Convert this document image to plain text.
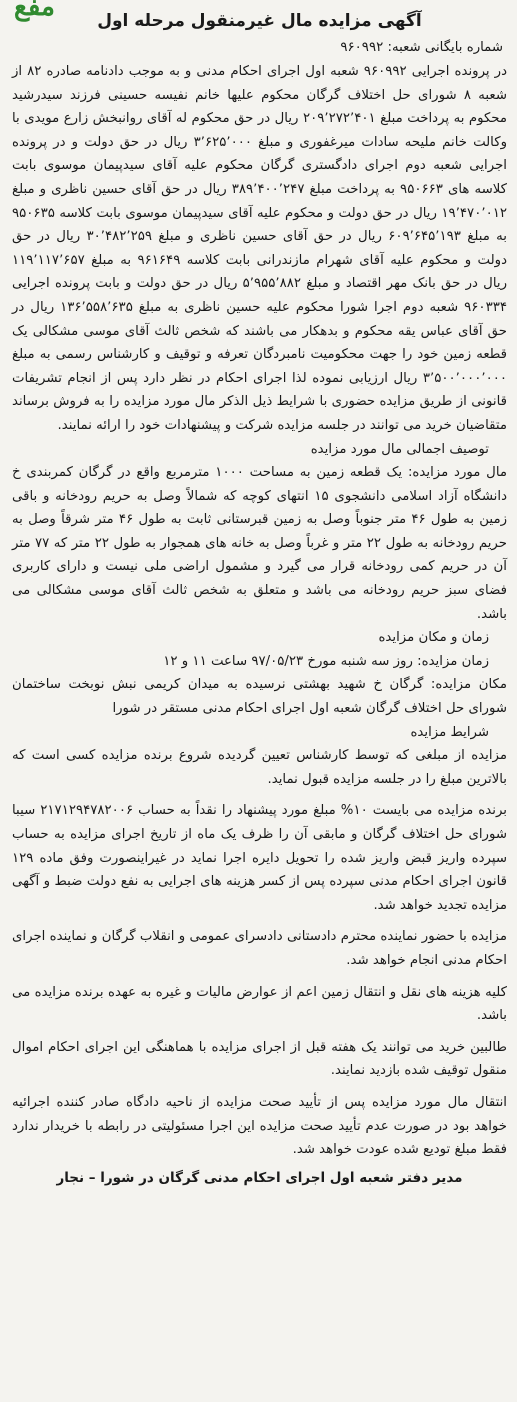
مفع	آگهی مزایده مال غیرمنقول مرحله اول
شماره بایگانی شعبه: ۹۶۰۹۹۲

در پرونده اجرایی ۹۶۰۹۹۲ شعبه اول اجرای احکام مدنی و به موجب دادنامه صادره ۸۲ از شعبه ۸ شورای حل اختلاف گرگان محکوم علیها خانم نفیسه حسینی فرزند سیدرشید محکوم به پرداخت مبلغ ۲۰۹٬۲۷۲٬۴۰۱ ریال در حق محکوم له آقای روانبخش زارع مویدی با وکالت خانم ملیحه سادات میرغفوری و مبلغ ۳٬۶۲۵٬۰۰۰ ریال در حق دولت و در پرونده اجرایی شعبه دوم اجرای دادگستری گرگان محکوم علیه آقای سیدپیمان موسوی بابت کلاسه های ۹۵۰۶۶۳ به پرداخت مبلغ ۳۸۹٬۴۰۰٬۲۴۷ ریال در حق آقای حسین ناظری و مبلغ ۱۹٬۴۷۰٬۰۱۲ ریال در حق دولت و محکوم علیه آقای سیدپیمان موسوی بابت کلاسه ۹۵۰۶۳۵ به مبلغ ۶۰۹٬۶۴۵٬۱۹۳ ریال در حق آقای حسین ناظری و مبلغ ۳۰٬۴۸۲٬۲۵۹ ریال در حق دولت و محکوم علیه آقای شهرام مازندرانی بابت کلاسه ۹۶۱۶۴۹ به مبلغ ۱۱۹٬۱۱۷٬۶۵۷ ریال در حق بانک مهر اقتصاد و مبلغ ۵٬۹۵۵٬۸۸۲ ریال در حق دولت و بابت پرونده اجرایی ۹۶۰۳۳۴ شعبه دوم اجرا شورا محکوم علیه حسین ناظری به مبلغ ۱۳۶٬۵۵۸٬۶۳۵ ریال در حق آقای عباس یقه محکوم و بدهکار می باشند که شخص ثالث آقای موسی مشکالی یک قطعه زمین خود را جهت محکومیت نامبردگان تعرفه و توقیف و کارشناس رسمی به مبلغ ۳٬۵۰۰٬۰۰۰٬۰۰۰ ریال ارزیابی نموده لذا اجرای احکام در نظر دارد پس از انجام تشریفات قانونی از طریق مزایده حضوری با شرایط ذیل الذکر مال مورد مزایده را به فروش برساند متقاضیان خرید می توانند در جلسه مزایده شرکت و پیشنهادات خود را ارائه نمایند.

توصیف اجمالی مال مورد مزایده

مال مورد مزایده: یک قطعه زمین به مساحت ۱۰۰۰ مترمربع واقع در گرگان کمربندی خ دانشگاه آزاد اسلامی دانشجوی ۱۵ انتهای کوچه که شمالاً وصل به حریم رودخانه و باقی زمین به طول ۴۶ متر جنوباً وصل به زمین قبرستانی ثابت به طول ۴۶ متر شرقاً وصل به حریم رودخانه به طول ۲۲ متر و غرباً وصل به خانه های همجوار به طول ۲۲ متر که ۷۷ متر آن در حریم کمی رودخانه قرار می گیرد و مشمول اراضی ملی نیست و دارای کاربری فضای سبز حریم رودخانه می باشد و متعلق به شخص ثالث آقای موسی مشکالی می باشد.

زمان و مکان مزایده
زمان مزایده: روز سه شنبه مورخ ۹۷/۰۵/۲۳ ساعت ۱۱ و ۱۲

مکان مزایده: گرگان خ شهید بهشتی نرسیده به میدان کریمی نبش نوبخت ساختمان شورای حل اختلاف گرگان شعبه اول اجرای احکام مدنی مستقر در شورا

شرایط مزایده

مزایده از مبلغی که توسط کارشناس تعیین گردیده شروع برنده مزایده کسی است که بالاترین مبلغ را در جلسه مزایده قبول نماید.

برنده مزایده می بایست ۱۰% مبلغ مورد پیشنهاد را نقداً به حساب ۲۱۷۱۲۹۴۷۸۲۰۰۶ سیبا شورای حل اختلاف گرگان و مابقی آن را ظرف یک ماه از تاریخ اجرای مزایده به حساب سپرده واریز قبض واریز شده را تحویل دایره اجرا نماید در غیراینصورت وفق ماده ۱۲۹ قانون اجرای احکام مدنی سپرده پس از کسر هزینه های اجرایی به نفع دولت ضبط و آگهی مزایده تجدید خواهد شد.

مزایده با حضور نماینده محترم دادستانی دادسرای عمومی و انقلاب گرگان و نماینده اجرای احکام مدنی انجام خواهد شد.

کلیه هزینه های نقل و انتقال زمین اعم از عوارض مالیات و غیره به عهده برنده مزایده می باشد.

طالبین خرید می توانند یک هفته قبل از اجرای مزایده با هماهنگی این اجرای احکام اموال منقول توقیف شده بازدید نمایند.

انتقال مال مورد مزایده پس از تأیید صحت مزایده از ناحیه دادگاه صادر کننده اجرائیه خواهد بود در صورت عدم تأیید صحت مزایده این اجرا مسئولیتی در رابطه با خریدار ندارد فقط مبلغ تودیع شده عودت خواهد شد.

مدیر دفتر شعبه اول اجرای احکام مدنی گرگان در شورا – نجار
